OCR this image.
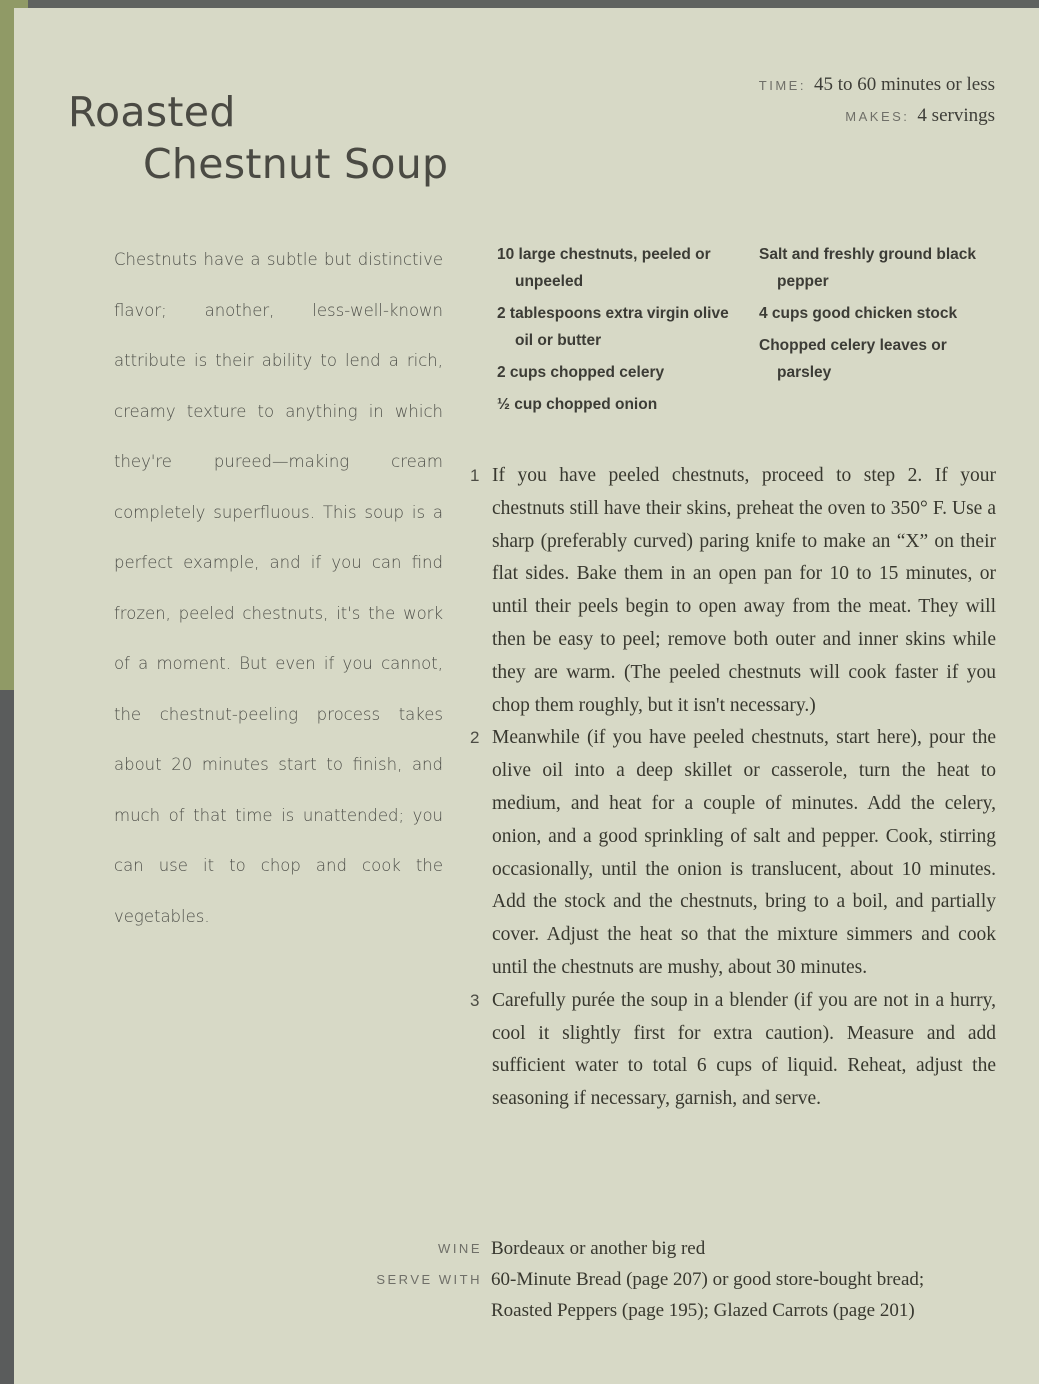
Roasted
Chestnut Soup
TIME: 45 to 60 minutes or less
MAKES: 4 servings

Chestnuts have a subtle but distinctive flavor; another, less-well-known attribute is their ability to lend a rich, creamy texture to anything in which they're pureed—making cream completely superfluous. This soup is a perfect example, and if you can find frozen, peeled chestnuts, it's the work of a moment. But even if you cannot, the chestnut-peeling process takes about 20 minutes start to finish, and much of that time is unattended; you can use it to chop and cook the vegetables.

10 large chestnuts, peeled or unpeeled
2 tablespoons extra virgin olive oil or butter
2 cups chopped celery
½ cup chopped onion
Salt and freshly ground black pepper
4 cups good chicken stock
Chopped celery leaves or parsley
1 If you have peeled chestnuts, proceed to step 2. If your chestnuts still have their skins, preheat the oven to 350° F. Use a sharp (preferably curved) paring knife to make an “X” on their flat sides. Bake them in an open pan for 10 to 15 minutes, or until their peels begin to open away from the meat. They will then be easy to peel; remove both outer and inner skins while they are warm. (The peeled chestnuts will cook faster if you chop them roughly, but it isn't necessary.)
2 Meanwhile (if you have peeled chestnuts, start here), pour the olive oil into a deep skillet or casserole, turn the heat to medium, and heat for a couple of minutes. Add the celery, onion, and a good sprinkling of salt and pepper. Cook, stirring occasionally, until the onion is translucent, about 10 minutes. Add the stock and the chestnuts, bring to a boil, and partially cover. Adjust the heat so that the mixture simmers and cook until the chestnuts are mushy, about 30 minutes.
3 Carefully purée the soup in a blender (if you are not in a hurry, cool it slightly first for extra caution). Measure and add sufficient water to total 6 cups of liquid. Reheat, adjust the seasoning if necessary, garnish, and serve.
WINE Bordeaux or another big red
SERVE WITH 60-Minute Bread (page 207) or good store-bought bread; Roasted Peppers (page 195); Glazed Carrots (page 201)
